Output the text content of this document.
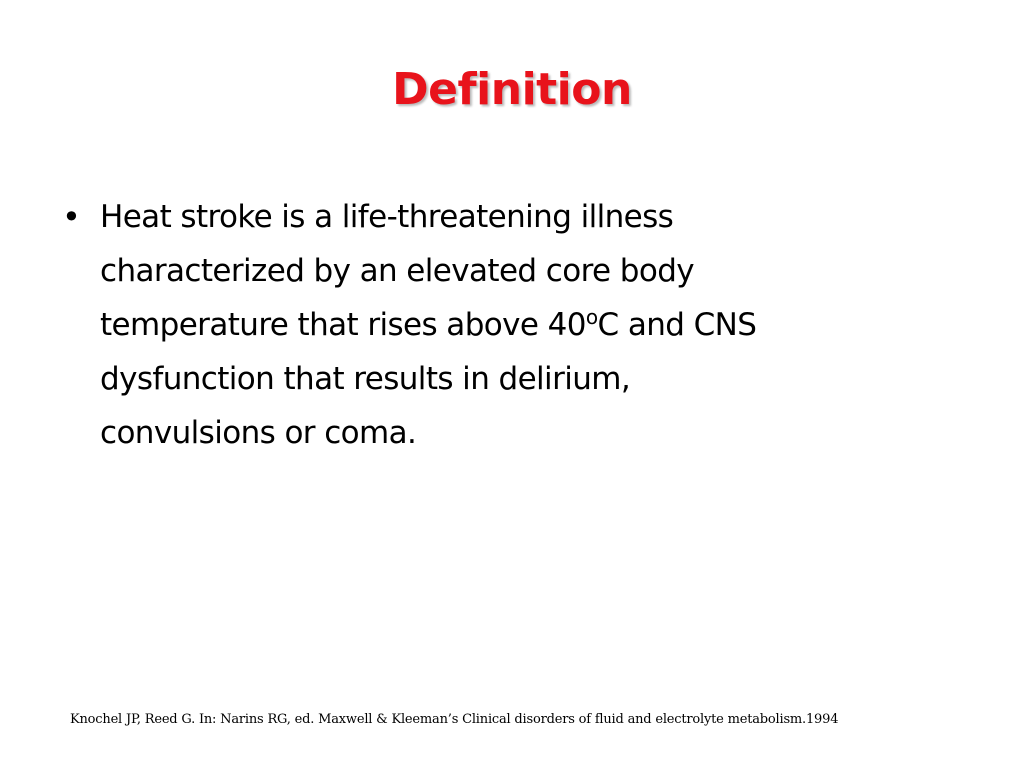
Definition
• Heat stroke is a life-threatening illness
characterized by an elevated core body
temperature that rises above 40$^o$C and CNS
dysfunction that results in delirium,
convulsions or coma.
Knochel JP, Reed G. In: Narins RG, ed. Maxwell & Kleeman’s Clinical disorders of fluid and electrolyte metabolism.1994
